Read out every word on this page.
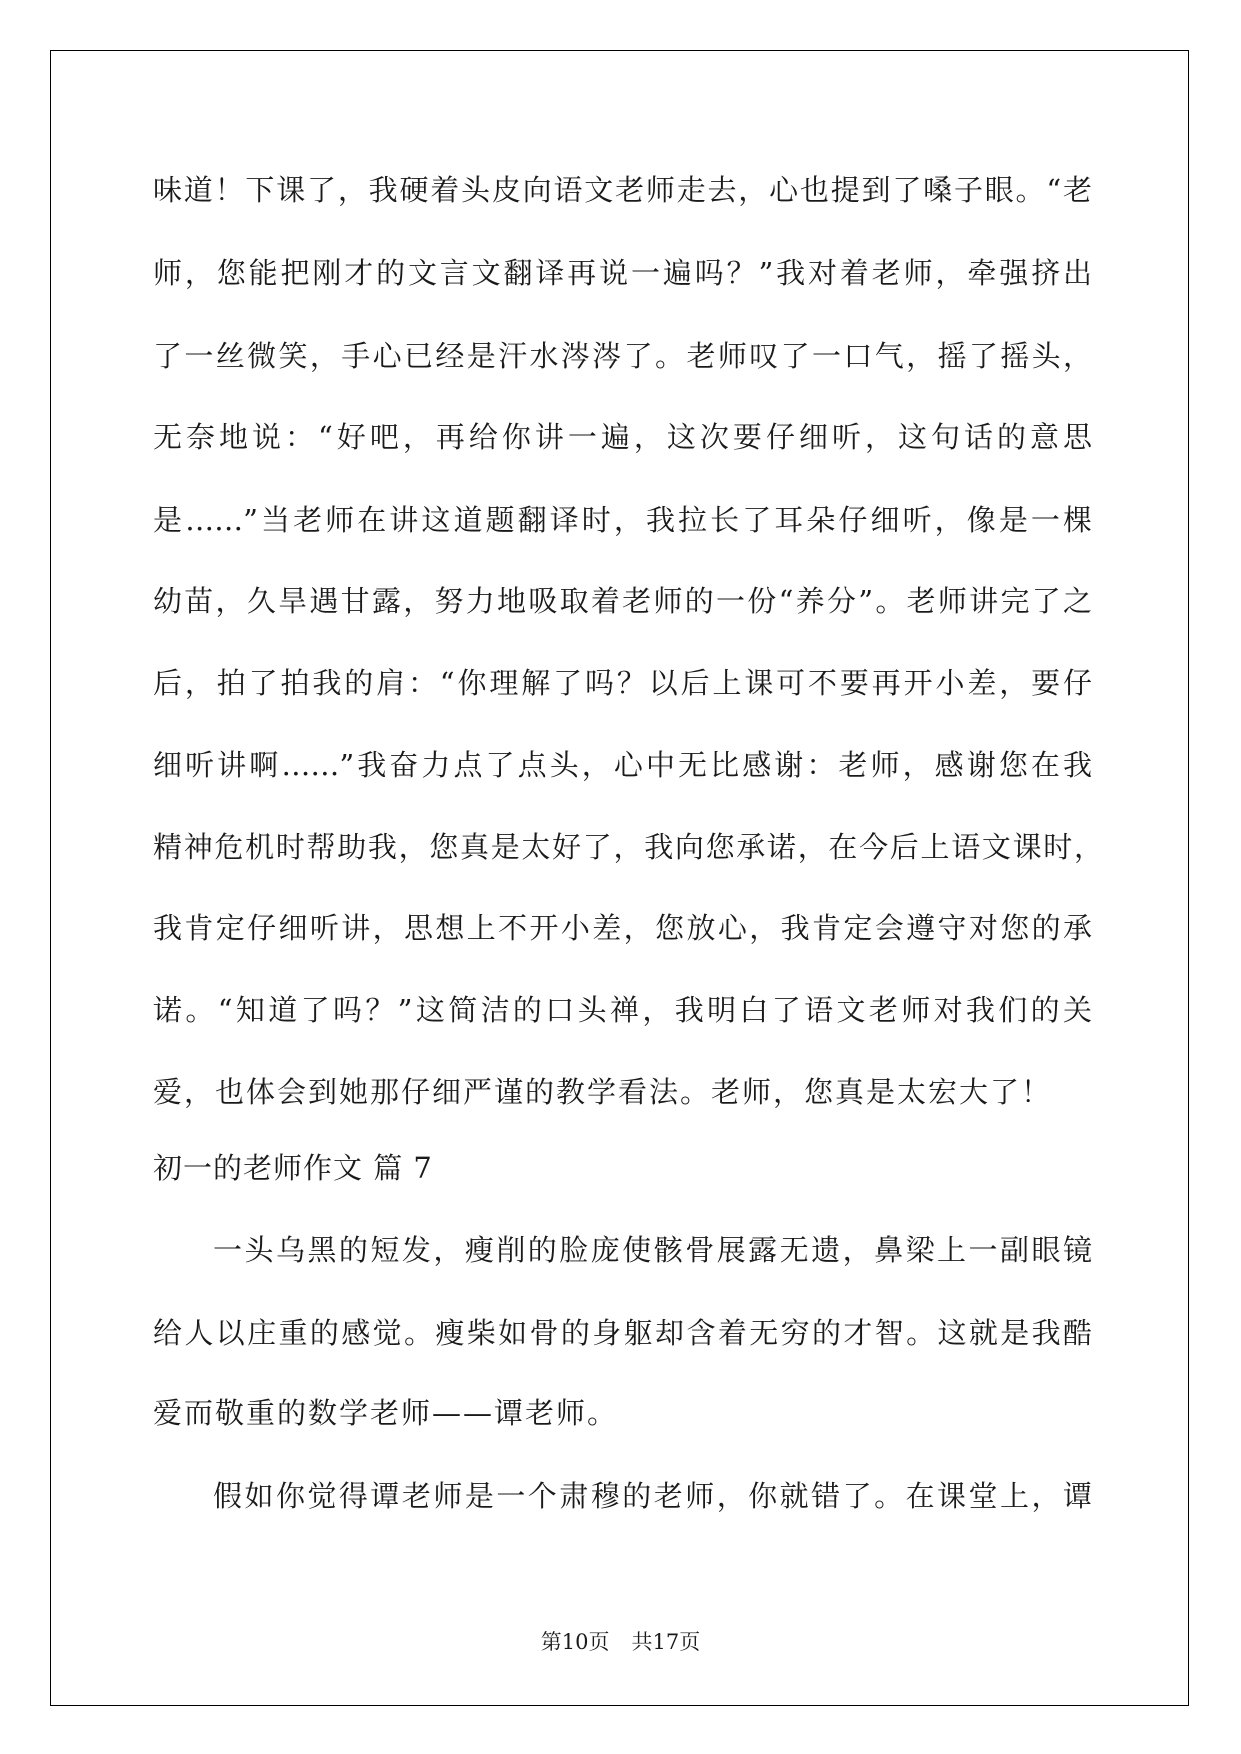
味道！下课了，我硬着头皮向语文老师走去，心也提到了嗓子眼。“老
师，您能把刚才的文言文翻译再说一遍吗？”我对着老师，牵强挤出
了一丝微笑，手心已经是汗水涔涔了。老师叹了一口气，摇了摇头，
无奈地说：“好吧，再给你讲一遍，这次要仔细听，这句话的意思
是……”当老师在讲这道题翻译时，我拉长了耳朵仔细听，像是一棵
幼苗，久旱遇甘露，努力地吸取着老师的一份“养分”。老师讲完了之
后，拍了拍我的肩：“你理解了吗？以后上课可不要再开小差，要仔
细听讲啊……”我奋力点了点头，心中无比感谢：老师，感谢您在我
精神危机时帮助我，您真是太好了，我向您承诺，在今后上语文课时，
我肯定仔细听讲，思想上不开小差，您放心，我肯定会遵守对您的承
诺。“知道了吗？”这简洁的口头禅，我明白了语文老师对我们的关
爱，也体会到她那仔细严谨的教学看法。老师，您真是太宏大了！
初一的老师作文 篇 7
一头乌黑的短发，瘦削的脸庞使骸骨展露无遗，鼻梁上一副眼镜
给人以庄重的感觉。瘦柴如骨的身躯却含着无穷的才智。这就是我酷
爱而敬重的数学老师——谭老师。
假如你觉得谭老师是一个肃穆的老师，你就错了。在课堂上，谭
第10页 共17页
